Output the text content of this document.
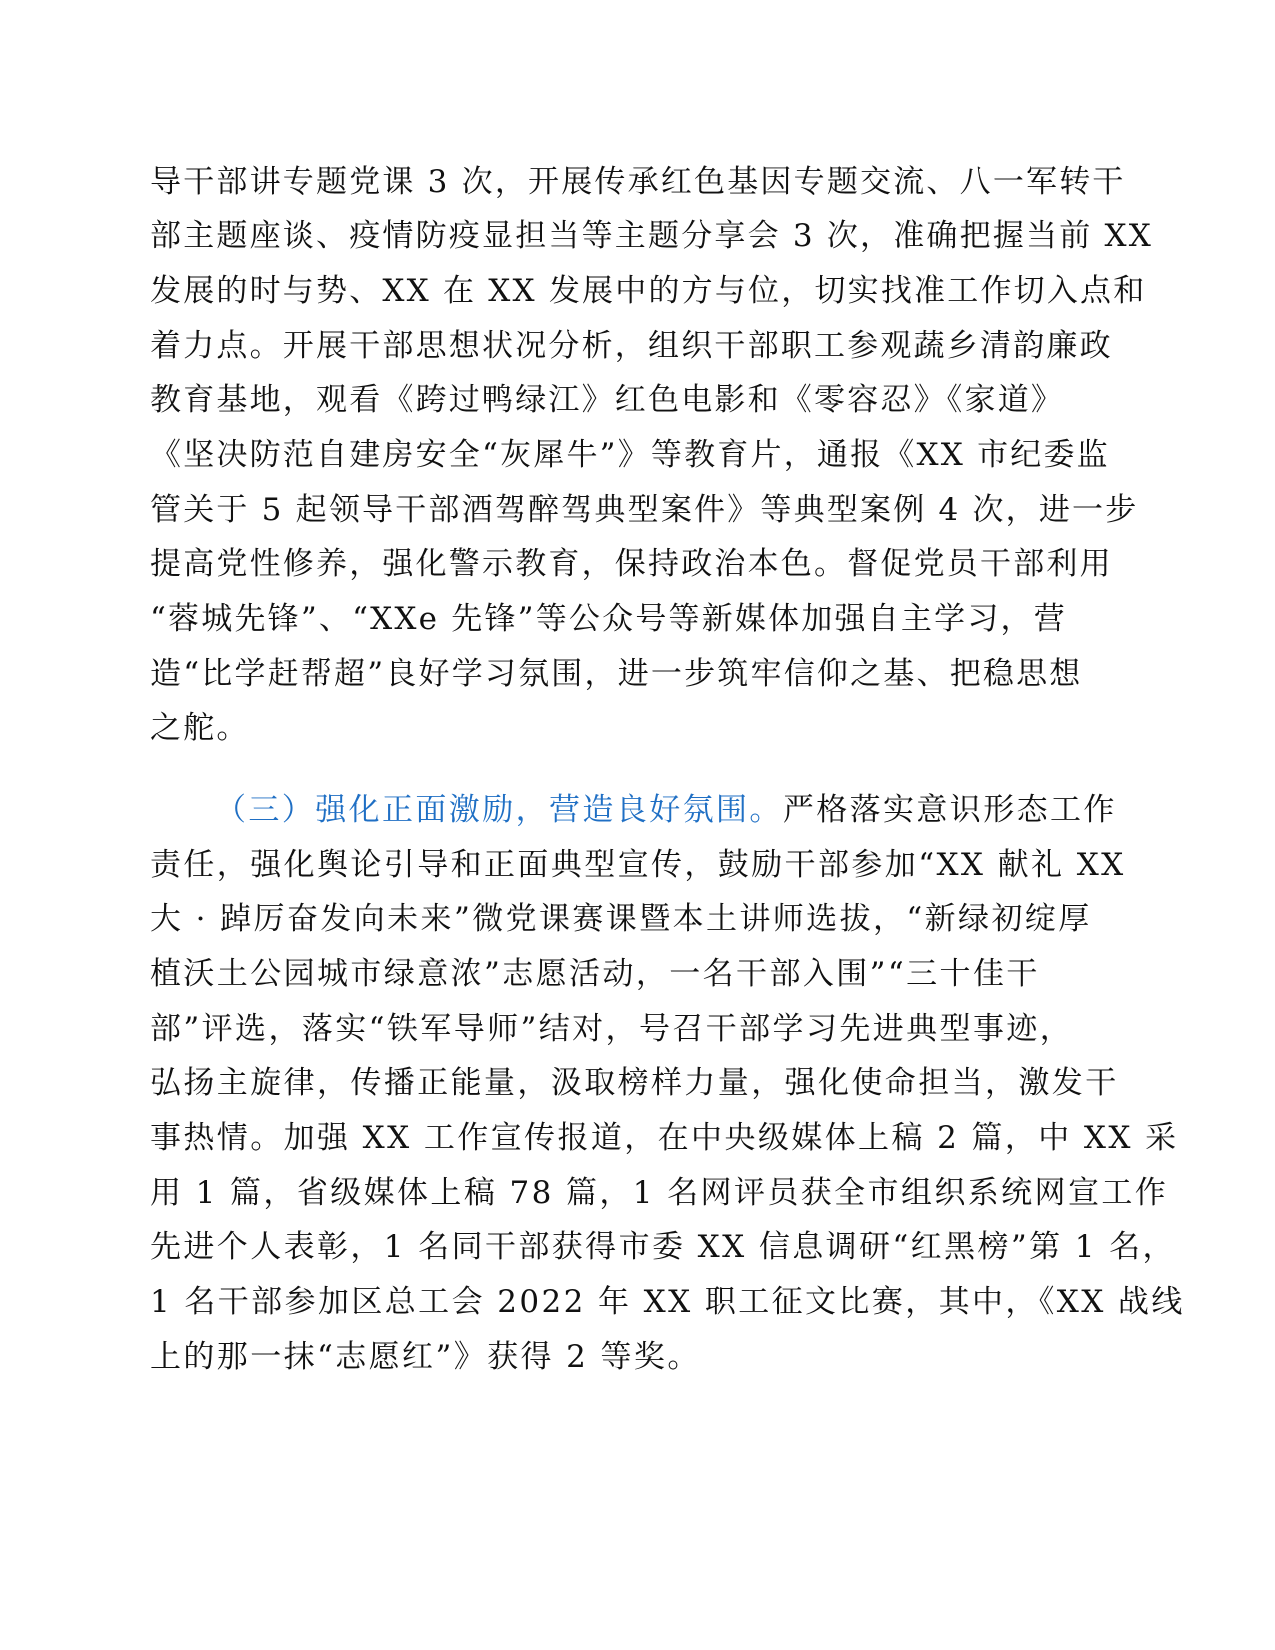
导干部讲专题党课 3 次，开展传承红色基因专题交流、八一军转干

部主题座谈、疫情防疫显担当等主题分享会 3 次，准确把握当前 XX

发展的时与势、XX 在 XX 发展中的方与位，切实找准工作切入点和

着力点。开展干部思想状况分析，组织干部职工参观蔬乡清韵廉政

教育基地，观看《跨过鸭绿江》红色电影和《零容忍》《家道》

《坚决防范自建房安全“灰犀牛”》等教育片，通报《XX 市纪委监

管关于 5 起领导干部酒驾醉驾典型案件》等典型案例 4 次，进一步

提高党性修养，强化警示教育，保持政治本色。督促党员干部利用

“蓉城先锋”、“XXe 先锋”等公众号等新媒体加强自主学习，营

造“比学赶帮超”良好学习氛围，进一步筑牢信仰之基、把稳思想

之舵。

（三）强化正面激励，营造良好氛围。严格落实意识形态工作

责任，强化舆论引导和正面典型宣传，鼓励干部参加“XX 献礼 XX

大 · 踔厉奋发向未来”微党课赛课暨本土讲师选拔，“新绿初绽厚

植沃土公园城市绿意浓”志愿活动，一名干部入围”“三十佳干

部”评选，落实“铁军导师”结对，号召干部学习先进典型事迹，

弘扬主旋律，传播正能量，汲取榜样力量，强化使命担当，激发干

事热情。加强 XX 工作宣传报道，在中央级媒体上稿 2 篇，中 XX 采

用 1 篇，省级媒体上稿 78 篇，1 名网评员获全市组织系统网宣工作

先进个人表彰，1 名同干部获得市委 XX 信息调研“红黑榜”第 1 名，

1 名干部参加区总工会 2022 年 XX 职工征文比赛，其中，《XX 战线

上的那一抹“志愿红”》获得 2 等奖。
